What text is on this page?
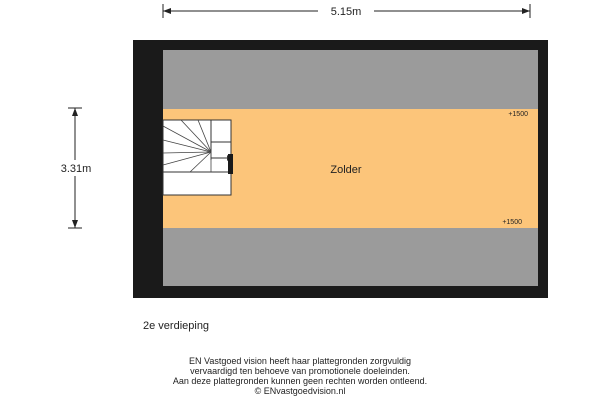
5.15m
3.31m
+1500
+1500
Zolder
2e verdieping
EN Vastgoed vision heeft haar plattegronden zorgvuldig
vervaardigd ten behoeve van promotionele doeleinden.
Aan deze plattegronden kunnen geen rechten worden ontleend.
© ENvastgoedvision.nl
